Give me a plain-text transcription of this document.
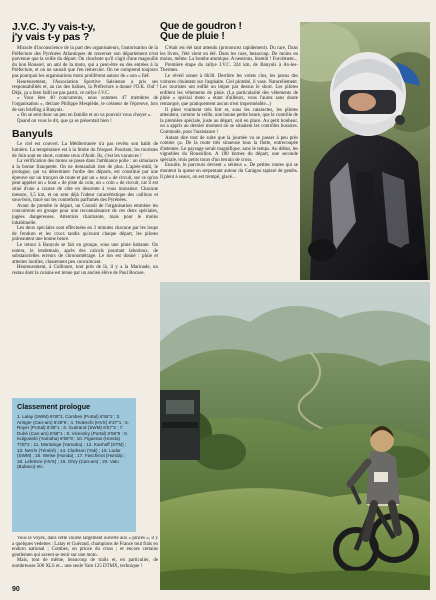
J.V.C. J'y vais-t-y,
j'y vais t-y pas ?

Miracle d'inconscience de la part des organisateurs, l'autorisation de la Préfecture des Pyrénées Atlantiques de traverser son département n'est parvenue que la veille du départ. On chuchote qu'il s'agit d'une magouille du bon Roussel, un ami de la moto, qui a peut-être eu des entrées à la Préfecture, et on ne saurait que l'en remercier. On ne comprend toujours pas pourquoi les organisations moto prolifèrent autour de « son » fief.

Heureusement, l'Association Sportive Salsienne a pris ses responsabilités et, au ras des balises, la Préfecture a donné l'O.K. Ouf ! Déjà, ça a bien failli ne pas partir, ce rallye J.V.C.

« Vous êtes 40 concurrents, nous sommes 47 membres de l'organisation », déclare Philippe Mesplède, le créateur de l'épreuve, lors de son briefing à Banyuls.

« On se sent donc un peu en famille et on va pouvoir vous choyer ».

Quand on vous le dit, que ça se présentait bien !

Banyuls

Le ciel est couvert. La Méditerranée n'a pas revêtu son habit de lumière. La température est à la limite du frisquet. Pourtant, les touristes de Juin sont en short, comme ceux d'Août. Ils, c'est les vacances !

La vérification des motos se passe dans l'ambiance polie : un simulacre à la bonne franquette. On ne demandait rien de plus. L'après-midi, le prologue, qui va déterminer l'ordre des départs, est constitué par une épreuve sur un tronçon de route et par un « tour » de circuit, sur ce qu'on peut appeler un « bout » de piste du coin, un « coin » de circuit, car il est situé d'une a course de côte en descente à vous monsieur. Chacune mesure, 3,5 km, et on sent déjà l'odeur caractéristique des cailloux et sous-bois, tracé sur les contreforts parfumés des Pyrénées.

Avant de prendre le départ, un Coursil de l'organisation emmène les concurrents en groupe pour une reconnaissance de ces deux spéciales, jugées dangereuses. Attention charmante, mais pour le moins inhabituelle.

Les deux spéciales sont effectuées en 3 minutes chacune par les loups de l'enduro et les crocs tandis qu'avant chaque départ, les pilotes poireautent une bonne heure.

Le retour à Banyuls se fait en groupe, sous une pluie battante. On notera, le lendemain, après des calculs pourtant laborieux, de substancielles erreurs de chronométrage. Le ton est donné : pluie et attentes inutiles, classement peu convaincant.

Heureusement, à Collioure, tout près de là, il y a la Marinade, un restau dont la cuisine est tenue par un ancien élève de Paul Bocuse.

Classement prologue
1. Lalay (SWM) 6'09"2, Combes (Portal) 6'55"2 ; 3. Ariöger (Can-am) 6'29"8 ; 4. Tedeschi (HVX) 6'37"1 ; 5. Royer (Portal) 6'38"1 ; 6. Guérand (SWM) 6'57"2 ; 7. Duhé (Can-am) 6'58"1 ; 8. Vicenzky (Portal) 6'59"8 ; 9. Kulgowski (Yamaha) 6'59"9 ; 10. Figueras (Honda) 7'00"2 ; 11. Montange (Yamaha) ; 12. Kanhoff (KTM) ; 13. Nerrin (Ténéré) ; 14. Clarkson (Yak) ; 15. Lodor (SWM) ; 16. Weise (Honda) ; 17. Faschinot (Honda) ; 18. Lefebvre (HVX) ; 19. Ghry (Can-am) ; 20. Valo (Bultaco) etc.

Vous le voyez, dans cette course largement ouverte aux « pinces », il y a quelques vedettes : Lalay et Guérand, champions de France tout frais en enduro national ; Combes, un prince du cross ; et encore certains gentlemen qui savent se tenir sur une moto.

Mais, tout de même, beaucoup de trails et, en particulier, de nombreuses 500 XLS et... une seule Yam 125 DTMX, technique !

90
Que de goudron !
Que de pluie !

C'était est été tant attendu (prononcez rapidement). Du rare, Dans les livres, l'été vient en été. Dans les rues, beaucoup. De moins en moins, même. La bombe atomique. A neutrons, bientôt ! Forcément...

Première étape du rallye J.V.C. 324 km, de Banyuls à Ax-les-Thermes.

Le réveil sonne à 6h30. Derrière les volets clos, les pneus des voitures chuintent sur l'asphalte. Ciel plombé, il vase. Naturellement. Les touristes ont enfilé un imper par dessus le short. Les pilotes enfilent les vêtements de pluie. (La particularité des vêtements de pluie « spécial moto » étant d'ailleurs, vous l'aurez sans doute remarqué, que pratiquement aucun n'est imperméable...)

Il pleut vraiment très fort et, sous les cataractes, les pilotes attendent, comme la veille, une bonne petite heure, que le contrôle de la première spéciale, juste au départ, soit en place. Au petit bonheur, on a appris au dernier moment où se situaient les contrôles horaires. Commode, pour l'assistance !

Autant dire tout de suite que la journée va se passer à peu près comme ça. De la route très sinueuse tous la flotte, entrecoupée d'attentes. Le paysage serait magnifique, sans le temps. Au début, les vignobles du Roussillon. A 100 bornes du départ, une seconde spéciale, trois petits tours d'un terrain de cross.

Ensuite, le parcours devient « sérieux ». De petites routes qui se montent la queue en serpentant autour du Canigou tapissé de genêts. Il pleut à seaux, on est trempé, glacé...
